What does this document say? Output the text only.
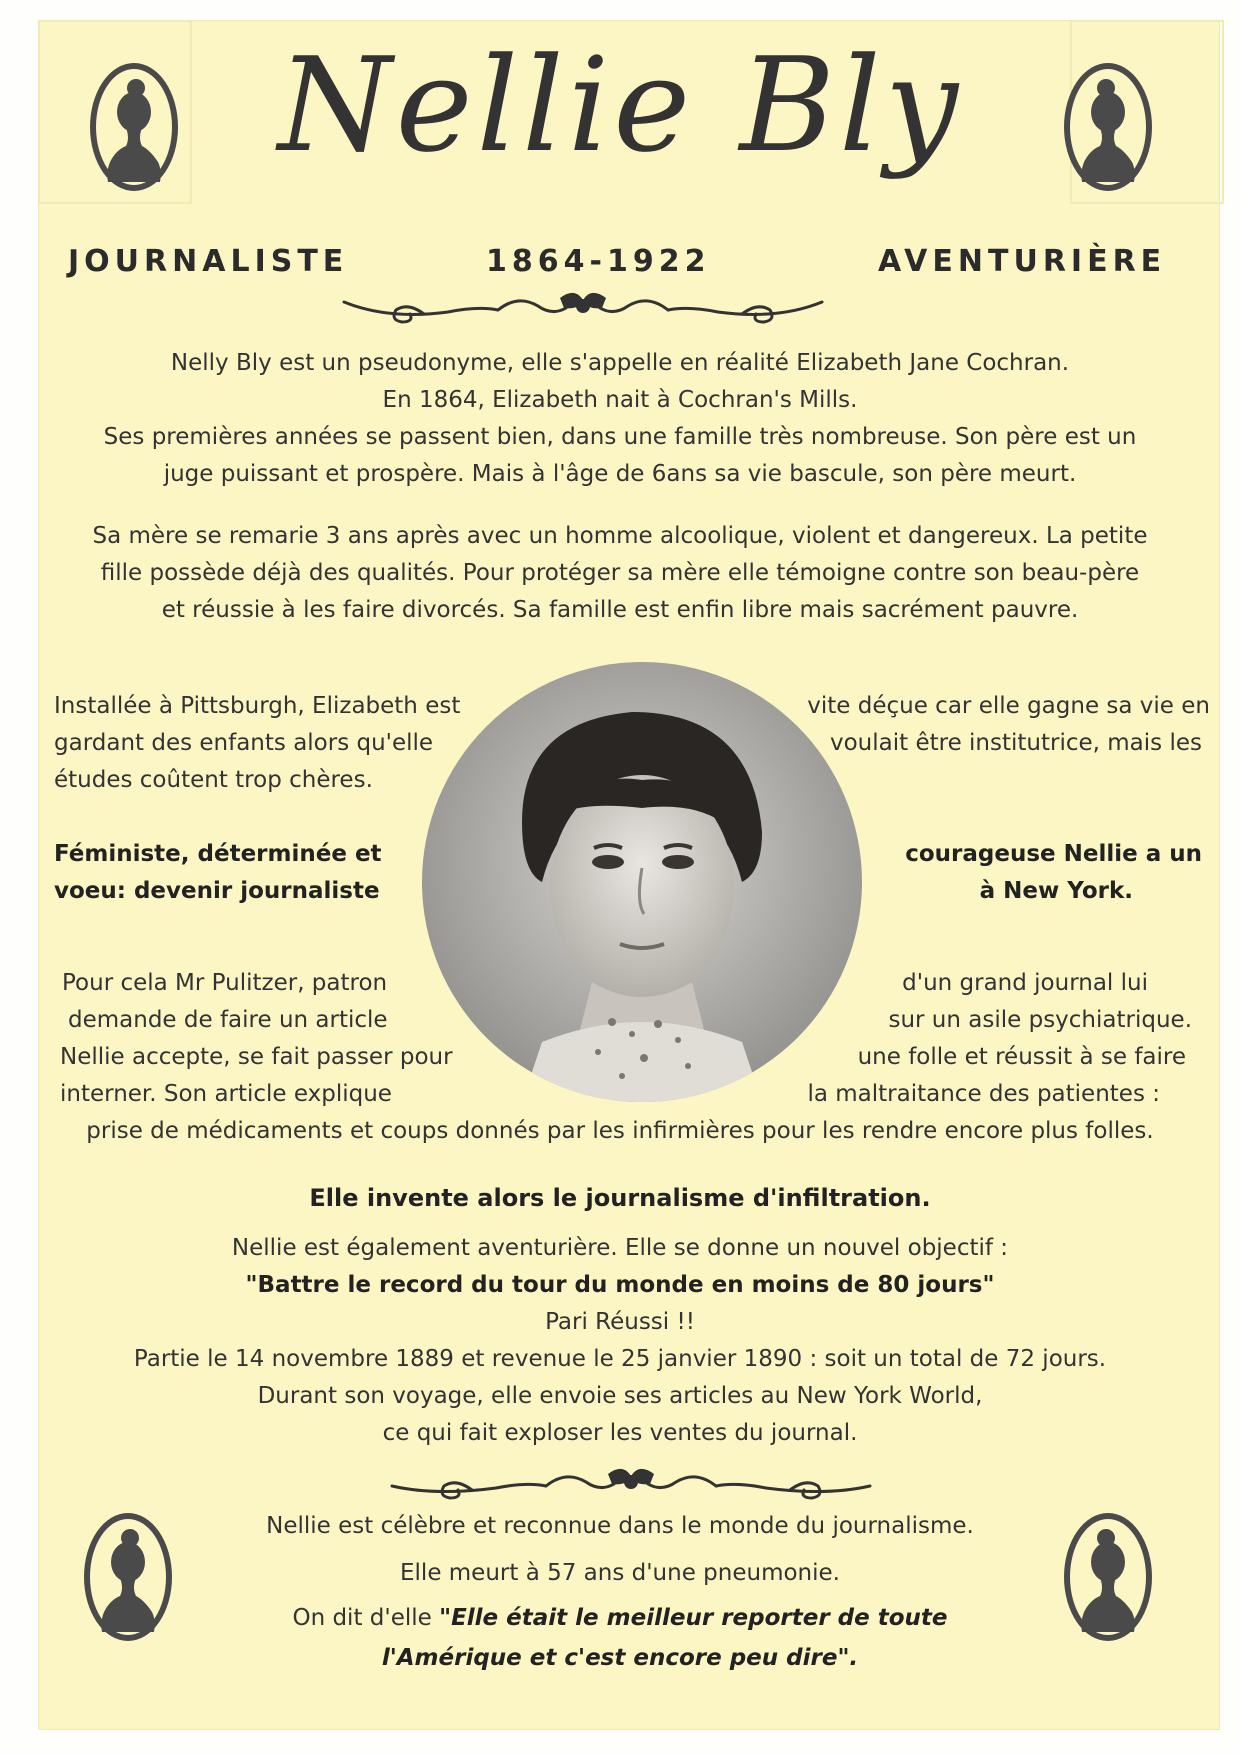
Nellie Bly
JOURNALISTE	1864-1922	AVENTURIÈRE

Nelly Bly est un pseudonyme, elle s'appelle en réalité Elizabeth Jane Cochran.

En 1864, Elizabeth nait à Cochran's Mills.

Ses premières années se passent bien, dans une famille très nombreuse. Son père est un

juge puissant et prospère. Mais à l'âge de 6ans sa vie bascule, son père meurt.

Sa mère se remarie 3 ans après avec un homme alcoolique, violent et dangereux. La petite

fille possède déjà des qualités. Pour protéger sa mère elle témoigne contre son beau-père

et réussie à les faire divorcés. Sa famille est enfin libre mais sacrément pauvre.

Installée à Pittsburgh, Elizabeth est

gardant des enfants alors qu'elle

études coûtent trop chères.

vite déçue car elle gagne sa vie en

voulait être institutrice, mais les

Féministe, déterminée et

voeu: devenir journaliste

courageuse Nellie a un

à New York.

Pour cela Mr Pulitzer, patron

demande de faire un article

Nellie accepte, se fait passer pour

interner. Son article explique

d'un grand journal lui

sur un asile psychiatrique.

une folle et réussit à se faire

la maltraitance des patientes :

prise de médicaments et coups donnés par les infirmières pour les rendre encore plus folles.

Elle invente alors le journalisme d'infiltration.

Nellie est également aventurière. Elle se donne un nouvel objectif :

"Battre le record du tour du monde en moins de 80 jours"

Pari Réussi !!

Partie le 14 novembre 1889 et revenue le 25 janvier 1890 : soit un total de 72 jours.

Durant son voyage, elle envoie ses articles au New York World,

ce qui fait exploser les ventes du journal.

Nellie est célèbre et reconnue dans le monde du journalisme.

Elle meurt à 57 ans d'une pneumonie.

On dit d'elle "Elle était le meilleur reporter de toute

l'Amérique et c'est encore peu dire".
